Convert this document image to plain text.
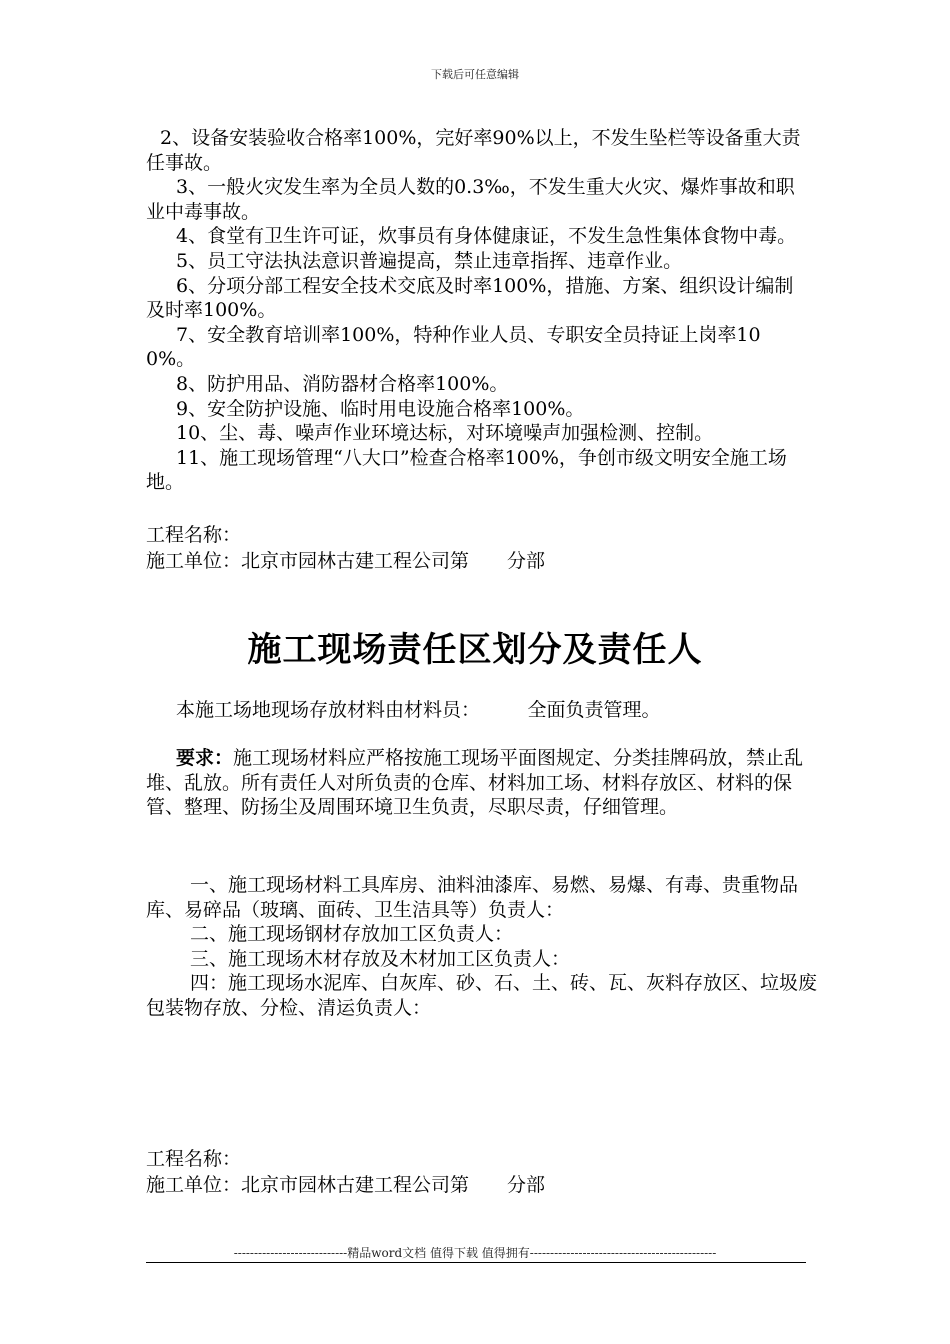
下载后可任意编辑

2、设备安装验收合格率100%，完好率90%以上，不发生坠栏等设备重大责任事故。

3、一般火灾发生率为全员人数的0.3‰，不发生重大火灾、爆炸事故和职业中毒事故。

4、食堂有卫生许可证，炊事员有身体健康证，不发生急性集体食物中毒。

5、员工守法执法意识普遍提高，禁止违章指挥、违章作业。

6、分项分部工程安全技术交底及时率100%，措施、方案、组织设计编制及时率100%。

7、安全教育培训率100%，特种作业人员、专职安全员持证上岗率100%。

8、防护用品、消防器材合格率100%。

9、安全防护设施、临时用电设施合格率100%。

10、尘、毒、噪声作业环境达标，对环境噪声加强检测、控制。

11、施工现场管理“八大口”检查合格率100%，争创市级文明安全施工场地。

工程名称：

施工单位：北京市园林古建工程公司第　　分部

施工现场责任区划分及责任人

本施工场地现场存放材料由材料员：　　　全面负责管理。

要求：施工现场材料应严格按施工现场平面图规定、分类挂牌码放，禁止乱堆、乱放。所有责任人对所负责的仓库、材料加工场、材料存放区、材料的保管、整理、防扬尘及周围环境卫生负责，尽职尽责，仔细管理。

一、施工现场材料工具库房、油料油漆库、易燃、易爆、有毒、贵重物品库、易碎品（玻璃、面砖、卫生洁具等）负责人：

二、施工现场钢材存放加工区负责人：

三、施工现场木材存放及木材加工区负责人：

四：施工现场水泥库、白灰库、砂、石、土、砖、瓦、灰料存放区、垃圾废包装物存放、分检、清运负责人：

工程名称：

施工单位：北京市园林古建工程公司第　　分部

----------------------------精品word文档 值得下载 值得拥有----------------------------------------------
